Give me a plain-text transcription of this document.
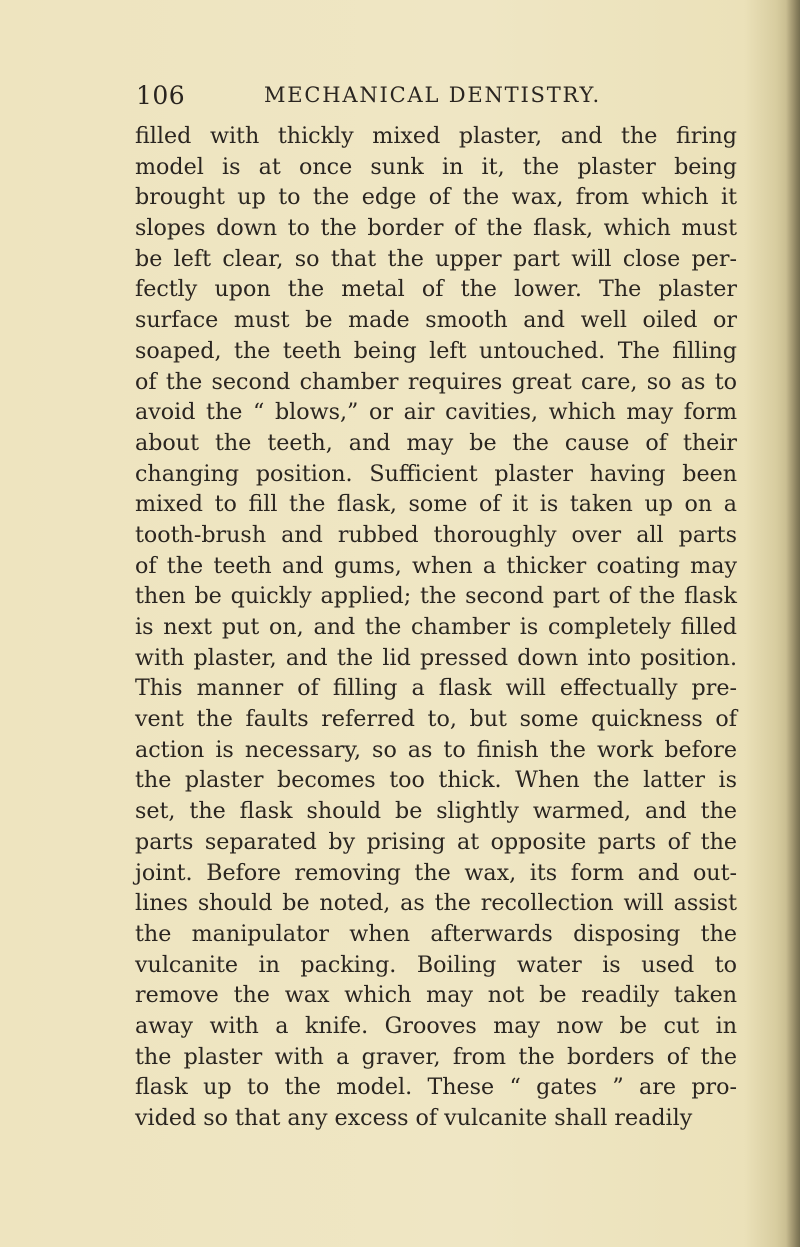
106	MECHANICAL DENTISTRY.
filled with thickly mixed plaster, and the firing
model is at once sunk in it, the plaster being
brought up to the edge of the wax, from which it
slopes down to the border of the flask, which must
be left clear, so that the upper part will close per-
fectly upon the metal of the lower. The plaster
surface must be made smooth and well oiled or
soaped, the teeth being left untouched. The filling
of the second chamber requires great care, so as to
avoid the “ blows,” or air cavities, which may form
about the teeth, and may be the cause of their
changing position. Sufficient plaster having been
mixed to fill the flask, some of it is taken up on a
tooth-brush and rubbed thoroughly over all parts
of the teeth and gums, when a thicker coating may
then be quickly applied; the second part of the flask
is next put on, and the chamber is completely filled
with plaster, and the lid pressed down into position.
This manner of filling a flask will effectually pre-
vent the faults referred to, but some quickness of
action is necessary, so as to finish the work before
the plaster becomes too thick. When the latter is
set, the flask should be slightly warmed, and the
parts separated by prising at opposite parts of the
joint. Before removing the wax, its form and out-
lines should be noted, as the recollection will assist
the manipulator when afterwards disposing the
vulcanite in packing. Boiling water is used to
remove the wax which may not be readily taken
away with a knife. Grooves may now be cut in
the plaster with a graver, from the borders of the
flask up to the model. These “ gates ” are pro-
vided so that any excess of vulcanite shall readily
